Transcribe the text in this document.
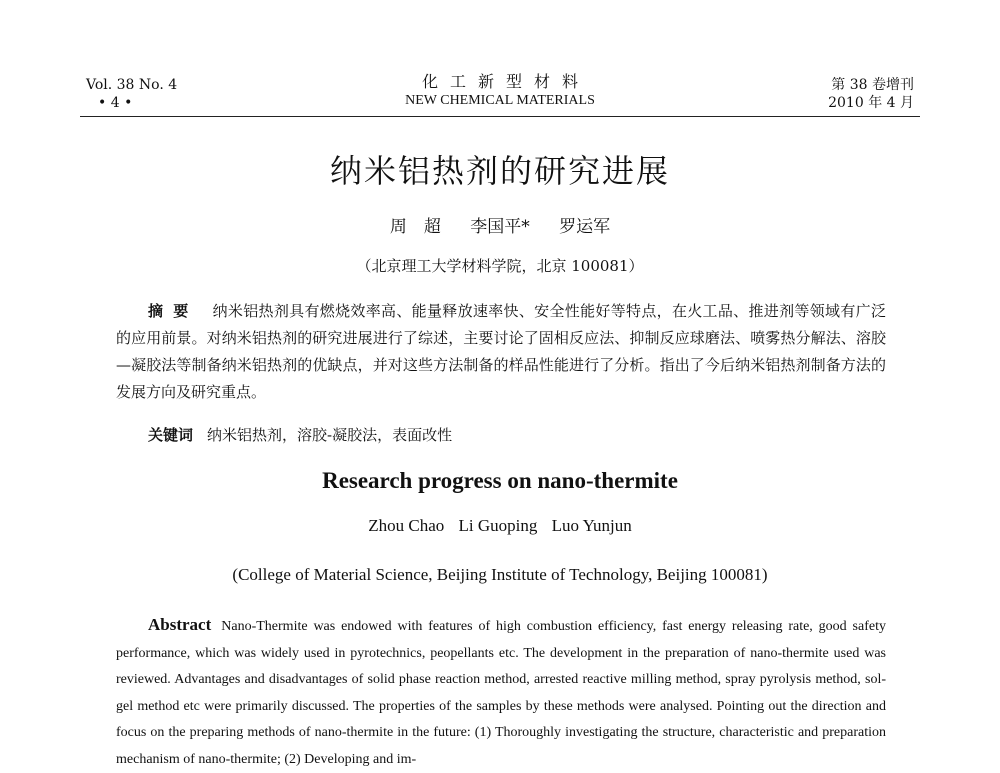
Vol. 38 No. 4
• 4 •
化工新型材料
NEW CHEMICAL MATERIALS
第 38 卷增刊
2010 年 4 月
纳米铝热剂的研究进展
周　超 李国平* 罗运军
（北京理工大学材料学院，北京 100081）
摘要 纳米铝热剂具有燃烧效率高、能量释放速率快、安全性能好等特点，在火工品、推进剂等领域有广泛的应用前景。对纳米铝热剂的研究进展进行了综述，主要讨论了固相反应法、抑制反应球磨法、喷雾热分解法、溶胶—凝胶法等制备纳米铝热剂的优缺点，并对这些方法制备的样品性能进行了分析。指出了今后纳米铝热剂制备方法的发展方向及研究重点。
关键词 纳米铝热剂，溶胶-凝胶法，表面改性
Research progress on nano-thermite
Zhou Chao Li Guoping Luo Yunjun
(College of Material Science, Beijing Institute of Technology, Beijing 100081)
Abstract Nano-Thermite was endowed with features of high combustion efficiency, fast energy releasing rate, good safety performance, which was widely used in pyrotechnics, peopellants etc. The development in the preparation of nano-thermite used was reviewed. Advantages and disadvantages of solid phase reaction method, arrested reactive milling method, spray pyrolysis method, sol-gel method etc were primarily discussed. The properties of the samples by these methods were analysed. Pointing out the direction and focus on the preparing methods of nano-thermite in the future: (1) Thoroughly investigating the structure, characteristic and preparation mechanism of nano-thermite; (2) Developing and im-
